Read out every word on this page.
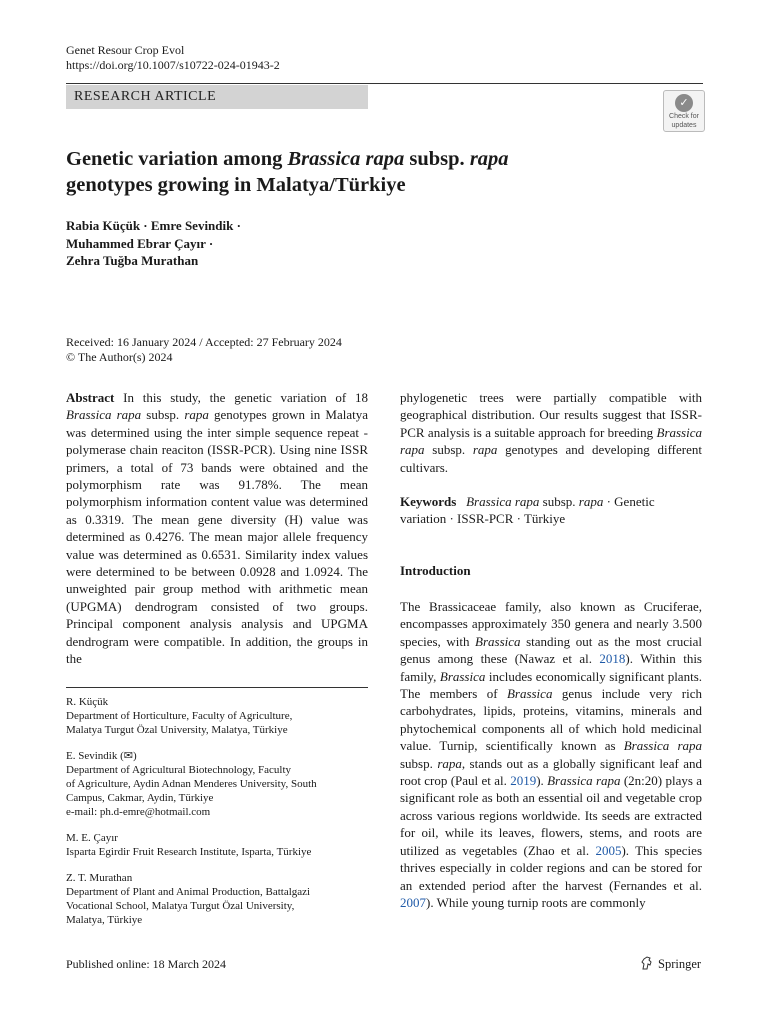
Genet Resour Crop Evol
https://doi.org/10.1007/s10722-024-01943-2
RESEARCH ARTICLE	✓
Check for
updates
Genetic variation among Brassica rapa subsp. rapa
genotypes growing in Malatya/Türkiye
Rabia Küçük · Emre Sevindik ·
Muhammed Ebrar Çayır ·
Zehra Tuğba Murathan
Received: 16 January 2024 / Accepted: 27 February 2024
© The Author(s) 2024

Abstract In this study, the genetic variation of 18 Brassica rapa subsp. rapa genotypes grown in Malatya was determined using the inter simple sequence repeat - polymerase chain reaciton (ISSR-PCR). Using nine ISSR primers, a total of 73 bands were obtained and the polymorphism rate was 91.78%. The mean polymorphism information content value was determined as 0.3319. The mean gene diversity (H) value was determined as 0.4276. The mean major allele frequency value was determined as 0.6531. Similarity index values were determined to be between 0.0928 and 1.0924. The unweighted pair group method with arithmetic mean (UPGMA) dendrogram consisted of two groups. Principal component analysis analysis and UPGMA dendrogram were compatible. In addition, the groups in the

phylogenetic trees were partially compatible with geographical distribution. Our results suggest that ISSR-PCR analysis is a suitable approach for breeding Brassica rapa subsp. rapa genotypes and developing different cultivars.

Keywords Brassica rapa subsp. rapa · Genetic variation · ISSR-PCR · Türkiye

Introduction

The Brassicaceae family, also known as Cruciferae, encompasses approximately 350 genera and nearly 3.500 species, with Brassica standing out as the most crucial genus among these (Nawaz et al. 2018). Within this family, Brassica includes economically significant plants. The members of Brassica genus include very rich carbohydrates, lipids, proteins, vitamins, minerals and phytochemical components all of which hold medicinal value. Turnip, scientifically known as Brassica rapa subsp. rapa, stands out as a globally significant leaf and root crop (Paul et al. 2019). Brassica rapa (2n:20) plays a significant role as both an essential oil and vegetable crop across various regions worldwide. Its seeds are extracted for oil, while its leaves, flowers, stems, and roots are utilized as vegetables (Zhao et al. 2005). This species thrives especially in colder regions and can be stored for an extended period after the harvest (Fernandes et al. 2007). While young turnip roots are commonly

R. Küçük
Department of Horticulture, Faculty of Agriculture,
Malatya Turgut Özal University, Malatya, Türkiye
E. Sevindik (✉)
Department of Agricultural Biotechnology, Faculty
of Agriculture, Aydin Adnan Menderes University, South
Campus, Cakmar, Aydin, Türkiye
e-mail: ph.d-emre@hotmail.com
M. E. Çayır
Isparta Egirdir Fruit Research Institute, Isparta, Türkiye
Z. T. Murathan
Department of Plant and Animal Production, Battalgazi
Vocational School, Malatya Turgut Özal University,
Malatya, Türkiye
Published online: 18 March 2024	Springer
